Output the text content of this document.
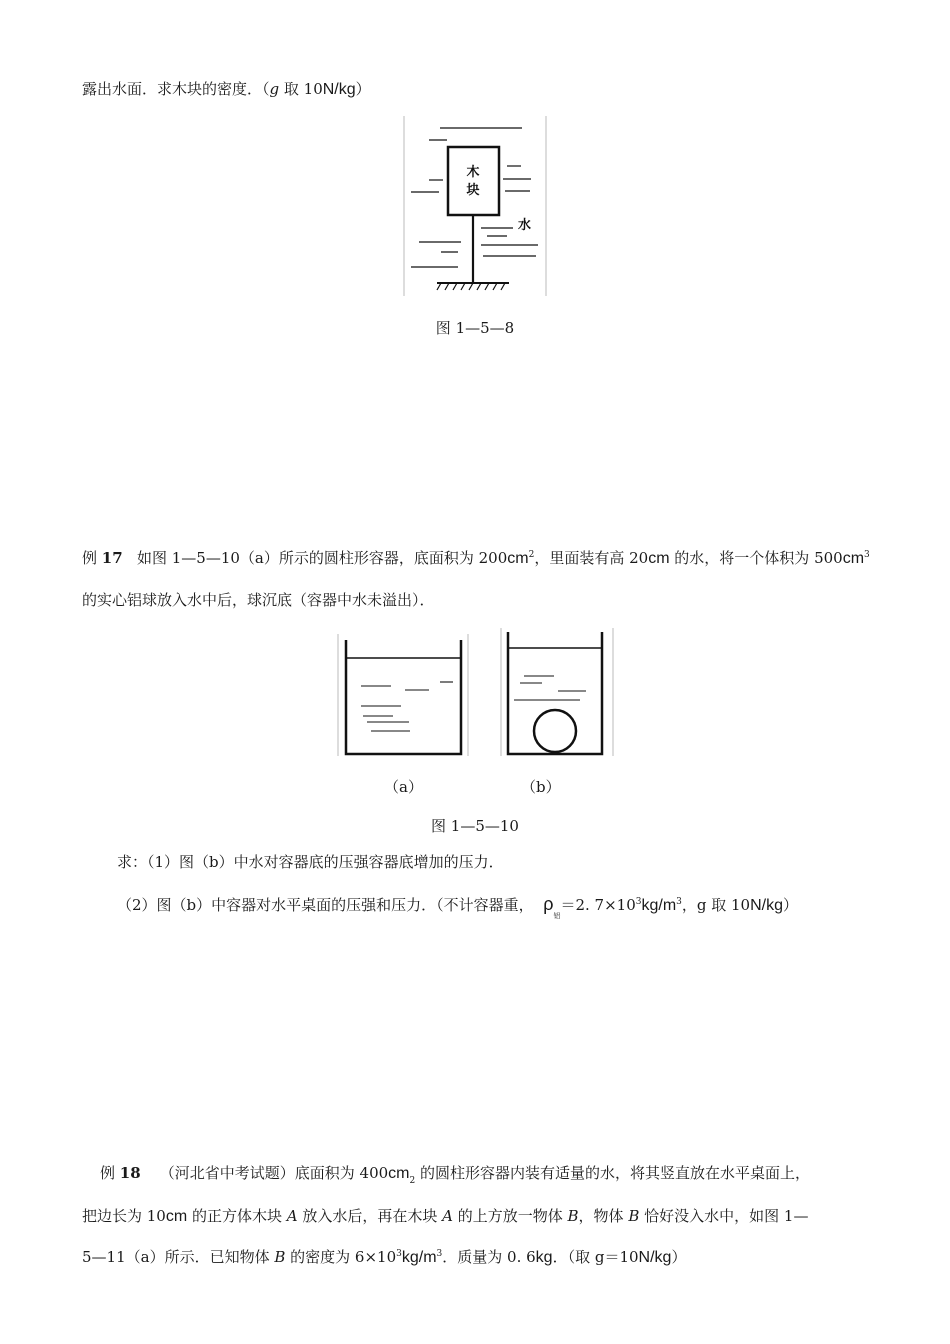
露出水面．求木块的密度．（g 取 10N/kg）
木
块
水
图 1—5—8
例 17 如图 1—5—10（a）所示的圆柱形容器，底面积为 $200cm^2$，里面装有高 20cm 的水，将一个体积为 $500cm^3$
的实心铝球放入水中后，球沉底（容器中水未溢出）．
（a）	（b）
图 1—5—10
求：（1）图（b）中水对容器底的压强容器底增加的压力．
（2）图（b）中容器对水平桌面的压强和压力．（不计容器重， $\rho_铝=2$. $7\times 10^3kg/m^3$，g 取 10N/kg）
例 18 （河北省中考试题）底面积为 $400cm_2$ 的圆柱形容器内装有适量的水，将其竖直放在水平桌面上，
把边长为 10cm 的正方体木块 A 放入水后，再在木块 A 的上方放一物体 B，物体 B 恰好没入水中，如图 1—
5—11（a）所示．已知物体 B 的密度为 $6\times 10^3kg/m^3$．质量为 0. 6kg．（取 g＝10N/kg）
